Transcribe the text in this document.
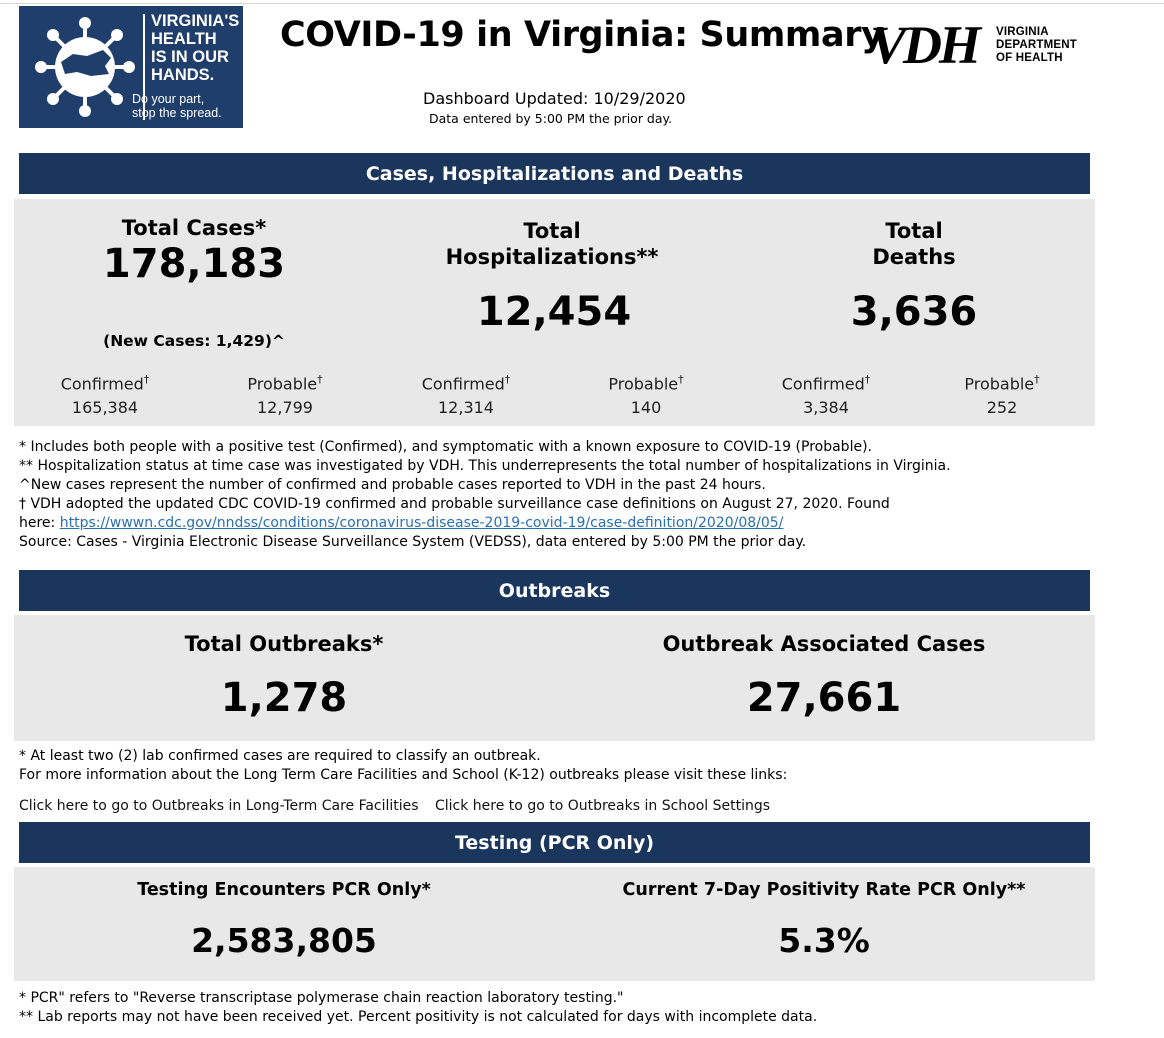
VIRGINIA'S
HEALTH
IS IN OUR
HANDS.
Do your part,
stop the spread.
COVID-19 in Virginia: Summary
VDH VIRGINIA
DEPARTMENT
OF HEALTH
Dashboard Updated: 10/29/2020
Data entered by 5:00 PM the prior day.
Cases, Hospitalizations and Deaths
Total Cases*
178,183
(New Cases: 1,429)^
Total
Hospitalizations**
12,454
Total
Deaths
3,636
Confirmed†
165,384
Probable†
12,799
Confirmed†
12,314
Probable†
140
Confirmed†
3,384
Probable†
252
* Includes both people with a positive test (Confirmed), and symptomatic with a known exposure to COVID-19 (Probable).
** Hospitalization status at time case was investigated by VDH. This underrepresents the total number of hospitalizations in Virginia.
^New cases represent the number of confirmed and probable cases reported to VDH in the past 24 hours.
† VDH adopted the updated CDC COVID-19 confirmed and probable surveillance case definitions on August 27, 2020. Found
here: https://wwwn.cdc.gov/nndss/conditions/coronavirus-disease-2019-covid-19/case-definition/2020/08/05/
Source: Cases - Virginia Electronic Disease Surveillance System (VEDSS), data entered by 5:00 PM the prior day.
Outbreaks
Total Outbreaks*
1,278
Outbreak Associated Cases
27,661
* At least two (2) lab confirmed cases are required to classify an outbreak.
For more information about the Long Term Care Facilities and School (K-12) outbreaks please visit these links:
Click here to go to Outbreaks in Long-Term Care Facilities Click here to go to Outbreaks in School Settings
Testing (PCR Only)
Testing Encounters PCR Only*
2,583,805
Current 7-Day Positivity Rate PCR Only**
5.3%
* PCR" refers to "Reverse transcriptase polymerase chain reaction laboratory testing."
** Lab reports may not have been received yet. Percent positivity is not calculated for days with incomplete data.
